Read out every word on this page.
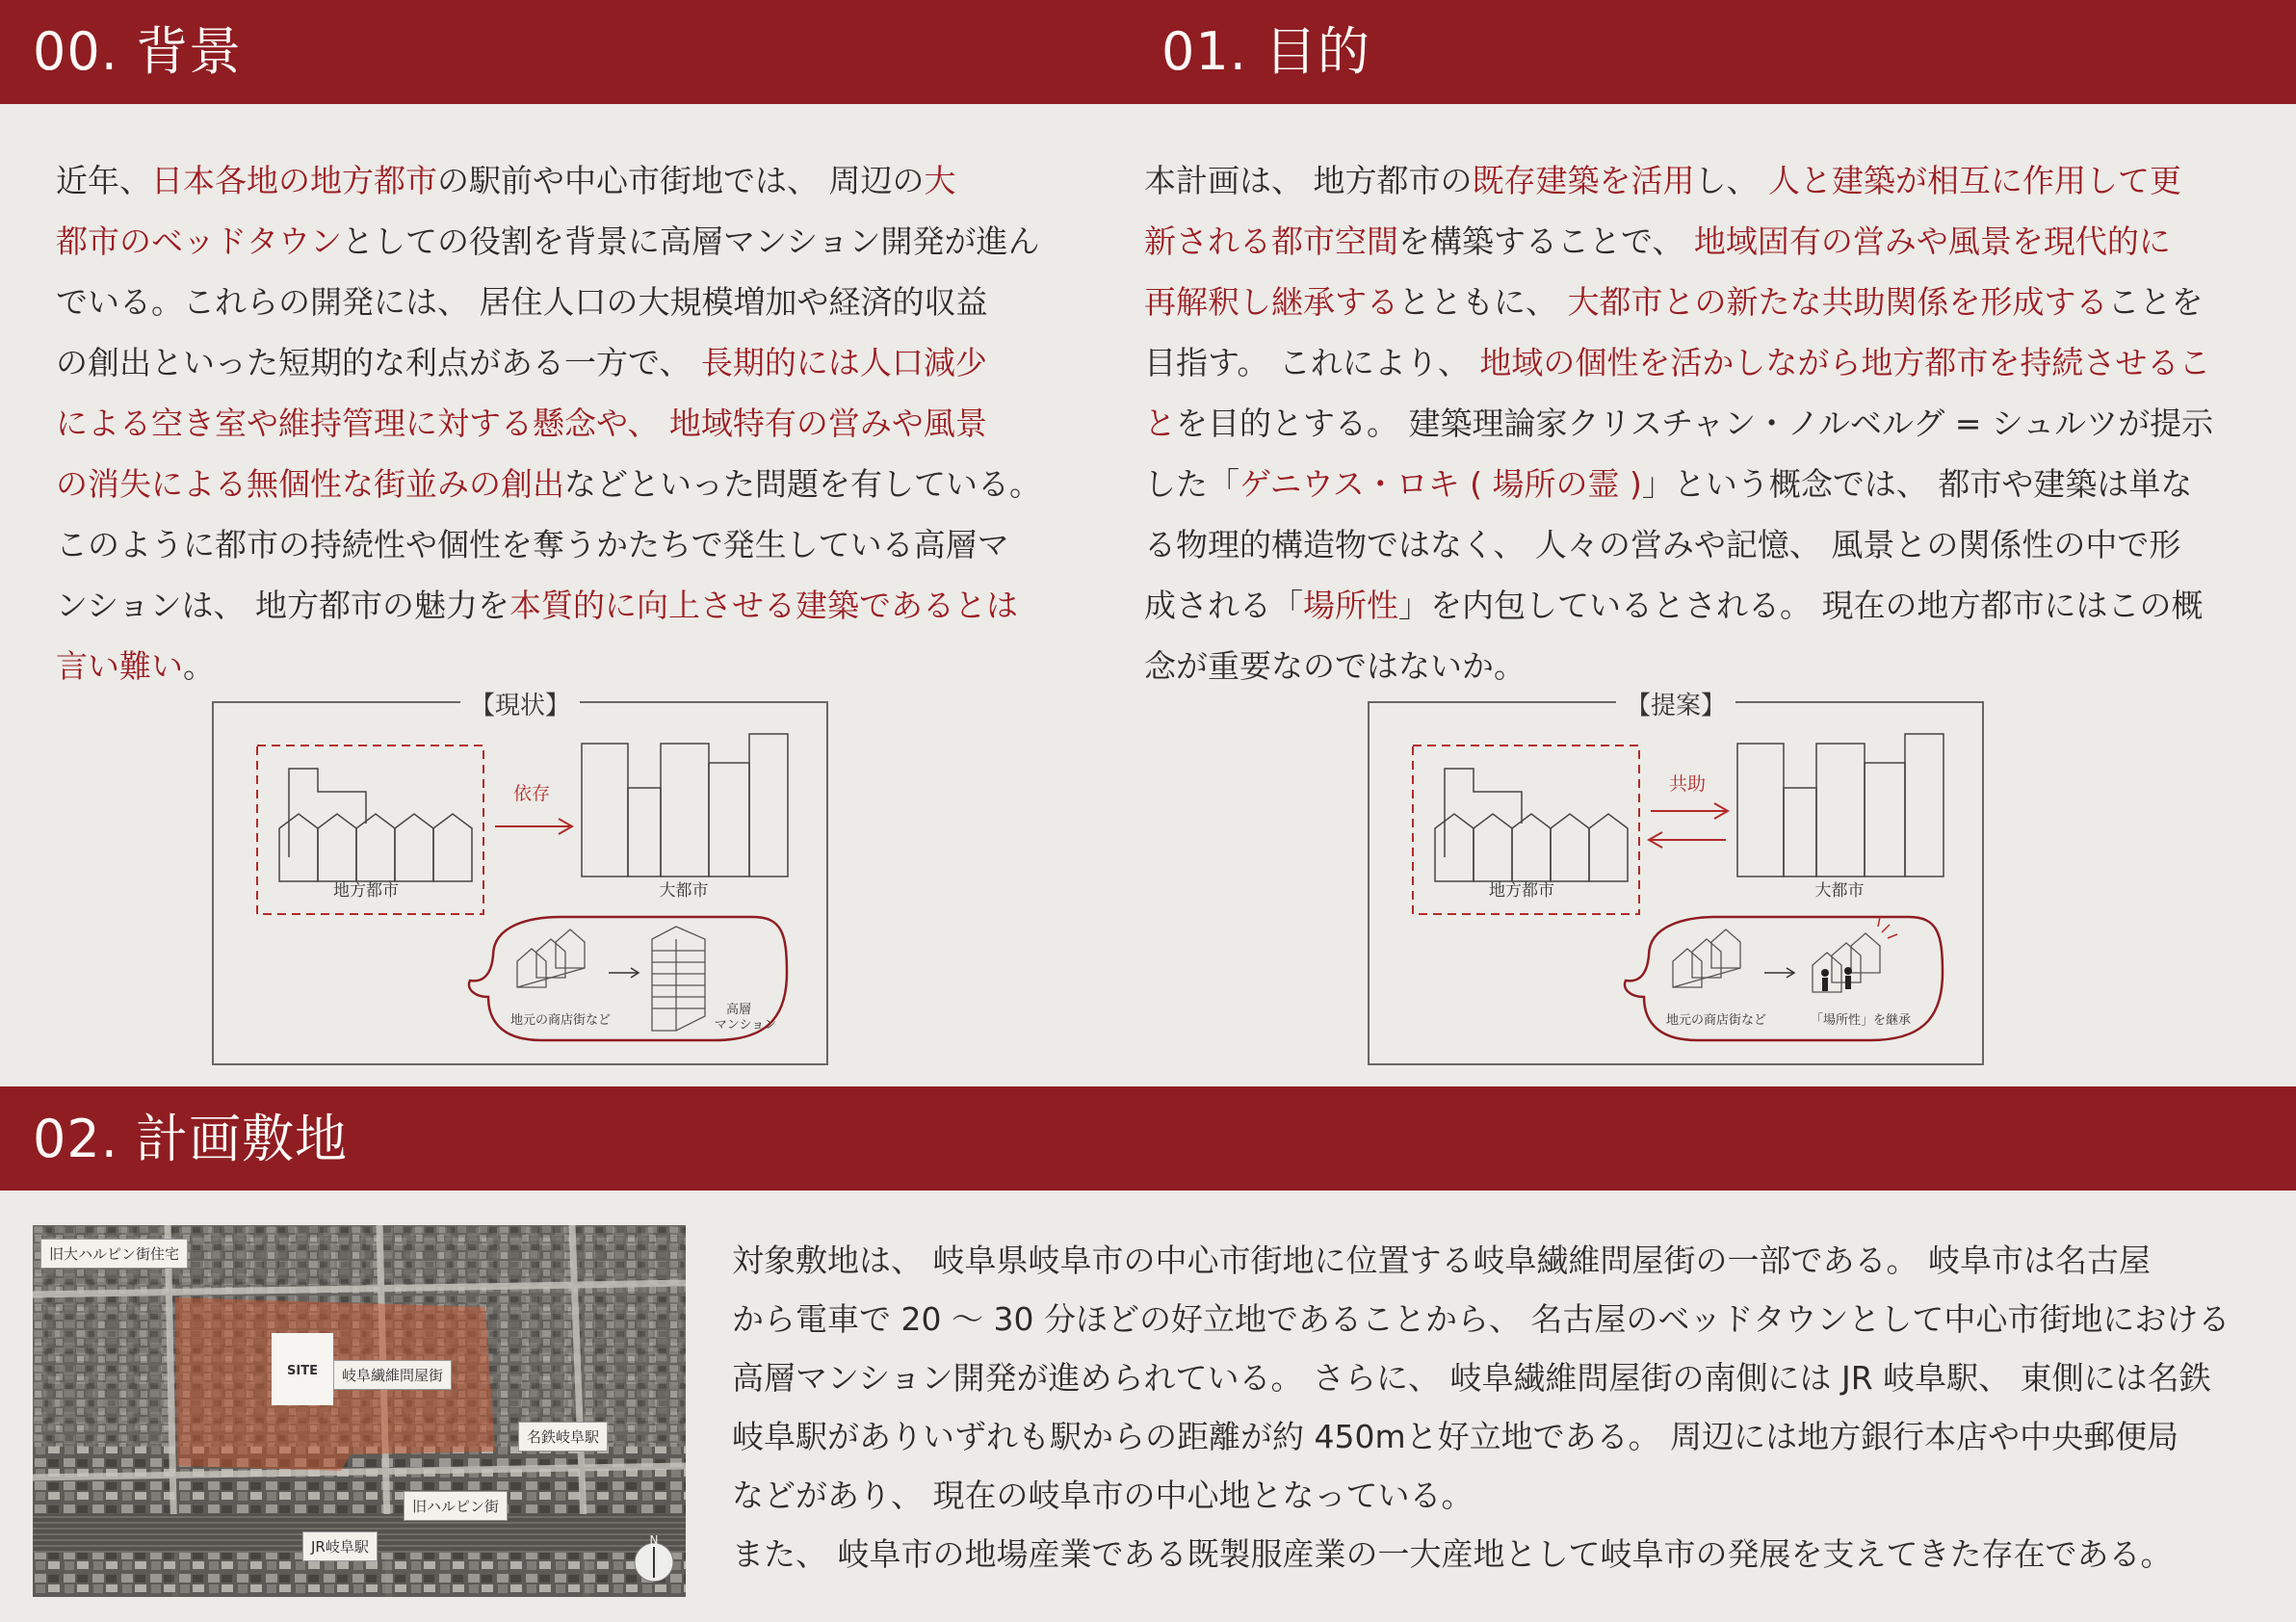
00. 背景	01. 目的
02. 計画敷地
近年、日本各地の地方都市の駅前や中心市街地では、 周辺の大
都市のベッドタウンとしての役割を背景に高層マンション開発が進ん
でいる。これらの開発には、 居住人口の大規模増加や経済的収益
の創出といった短期的な利点がある一方で、 長期的には人口減少
による空き室や維持管理に対する懸念や、 地域特有の営みや風景
の消失による無個性な街並みの創出などといった問題を有している。
このように都市の持続性や個性を奪うかたちで発生している高層マ
ンションは、 地方都市の魅力を本質的に向上させる建築であるとは
言い難い。
本計画は、 地方都市の既存建築を活用し、 人と建築が相互に作用して更
新される都市空間を構築することで、 地域固有の営みや風景を現代的に
再解釈し継承するとともに、 大都市との新たな共助関係を形成することを
目指す。 これにより、 地域の個性を活かしながら地方都市を持続させるこ
とを目的とする。 建築理論家クリスチャン・ノルベルグ = シュルツが提示
した「ゲニウス・ロキ ( 場所の霊 )」という概念では、 都市や建築は単な
る物理的構造物ではなく、 人々の営みや記憶、 風景との関係性の中で形
成される「場所性」を内包しているとされる。 現在の地方都市にはこの概
念が重要なのではないか。
対象敷地は、 岐阜県岐阜市の中心市街地に位置する岐阜繊維問屋街の一部である。 岐阜市は名古屋
から電車で 20 ～ 30 分ほどの好立地であることから、 名古屋のベッドタウンとして中心市街地における
高層マンション開発が進められている。 さらに、 岐阜繊維問屋街の南側には JR 岐阜駅、 東側には名鉄
岐阜駅がありいずれも駅からの距離が約 450mと好立地である。 周辺には地方銀行本店や中央郵便局
などがあり、 現在の岐阜市の中心地となっている。
また、 岐阜市の地場産業である既製服産業の一大産地として岐阜市の発展を支えてきた存在である。
【現状】
地方都市
依存
大都市
地元の商店街など
高層
マンション
【提案】
地方都市
共助
大都市
地元の商店街など	「場所性」を継承
SITE
N
旧大ハルピン街住宅
岐阜繊維問屋街
名鉄岐阜駅
旧ハルピン街
JR岐阜駅
